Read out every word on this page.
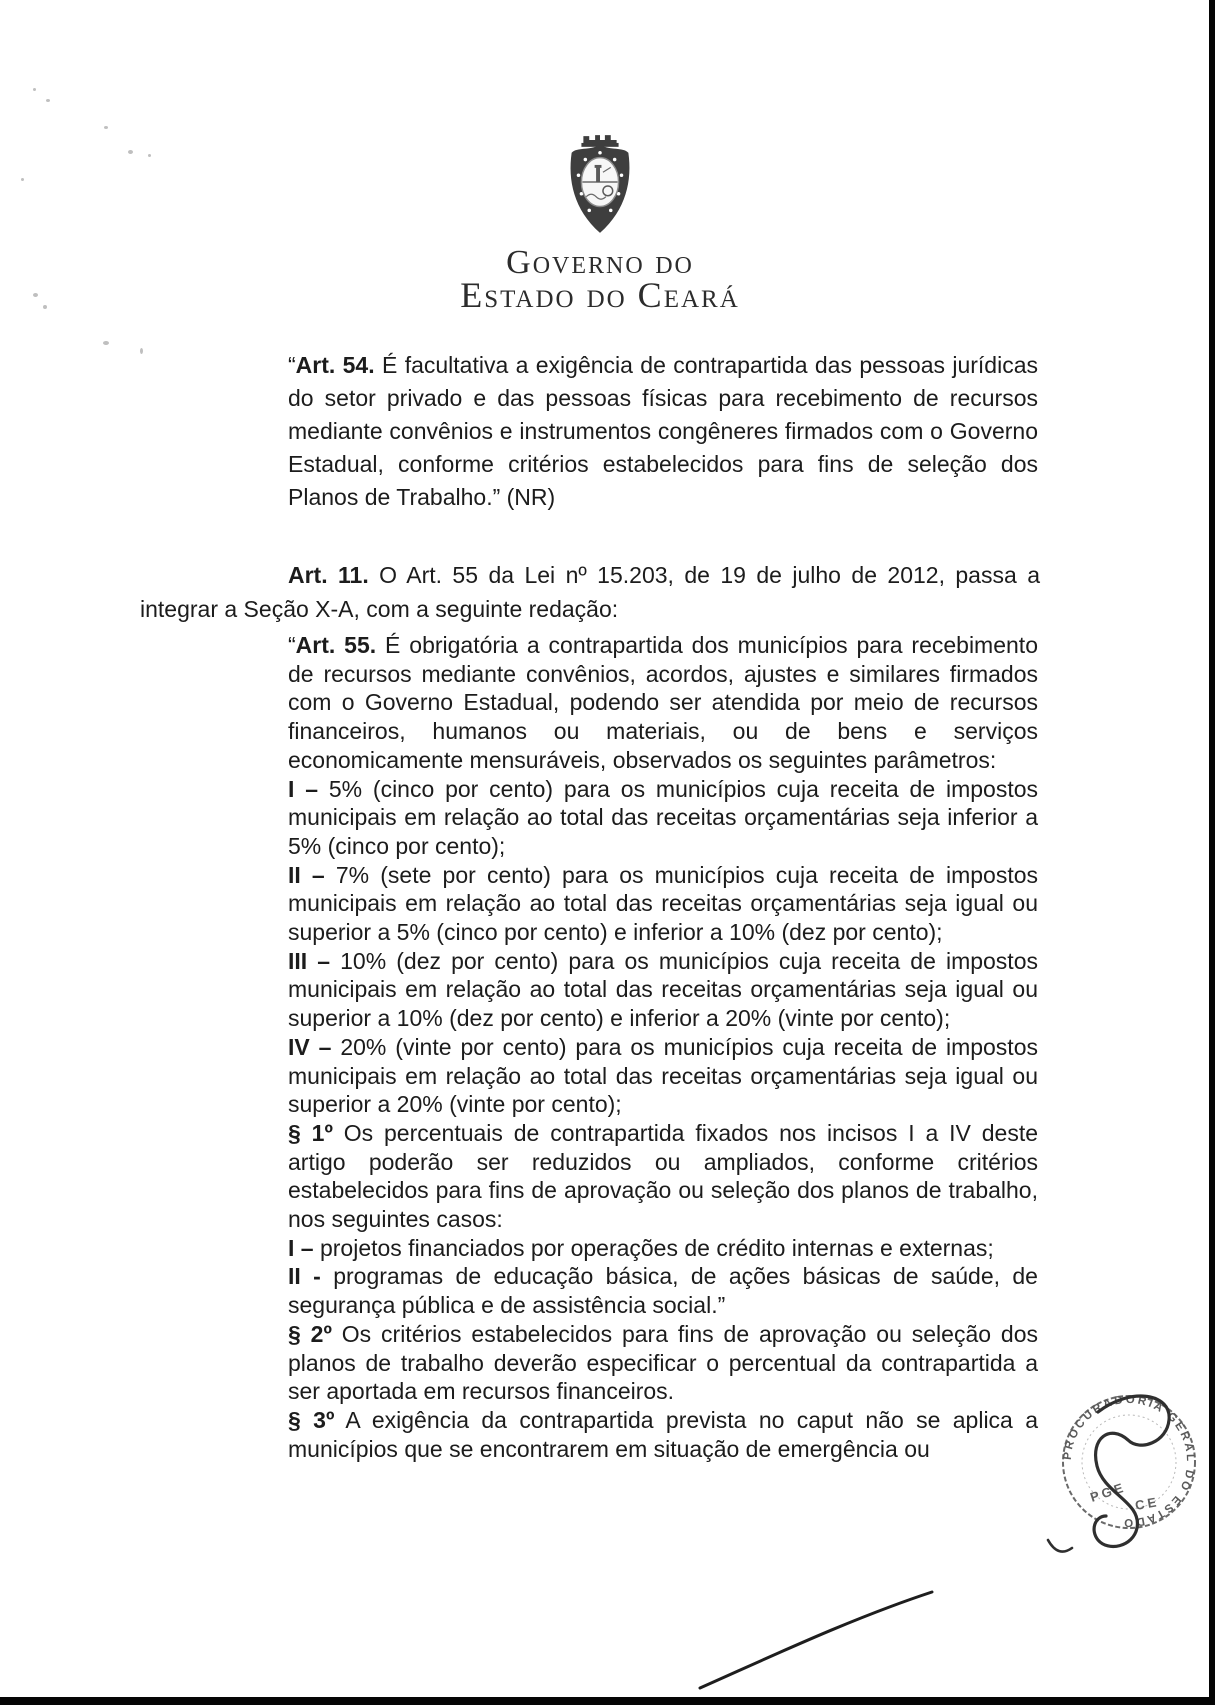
Governo do
Estado do Ceará
“Art. 54. É facultativa a exigência de contrapartida das pessoas jurídicas do setor privado e das pessoas físicas para recebimento de recursos mediante convênios e instrumentos congêneres firmados com o Governo Estadual, conforme critérios estabelecidos para fins de seleção dos Planos de Trabalho.” (NR)
Art. 11. O Art. 55 da Lei nº 15.203, de 19 de julho de 2012, passa a integrar a Seção X-A, com a seguinte redação:

“Art. 55. É obrigatória a contrapartida dos municípios para recebimento de recursos mediante convênios, acordos, ajustes e similares firmados com o Governo Estadual, podendo ser atendida por meio de recursos financeiros, humanos ou materiais, ou de bens e serviços economicamente mensuráveis, observados os seguintes parâmetros:

I – 5% (cinco por cento) para os municípios cuja receita de impostos municipais em relação ao total das receitas orçamentárias seja inferior a 5% (cinco por cento);

II – 7% (sete por cento) para os municípios cuja receita de impostos municipais em relação ao total das receitas orçamentárias seja igual ou superior a 5% (cinco por cento) e inferior a 10% (dez por cento);

III – 10% (dez por cento) para os municípios cuja receita de impostos municipais em relação ao total das receitas orçamentárias seja igual ou superior a 10% (dez por cento) e inferior a 20% (vinte por cento);

IV – 20% (vinte por cento) para os municípios cuja receita de impostos municipais em relação ao total das receitas orçamentárias seja igual ou superior a 20% (vinte por cento);

§ 1º Os percentuais de contrapartida fixados nos incisos I a IV deste artigo poderão ser reduzidos ou ampliados, conforme critérios estabelecidos para fins de aprovação ou seleção dos planos de trabalho, nos seguintes casos:

I – projetos financiados por operações de crédito internas e externas;

II - programas de educação básica, de ações básicas de saúde, de segurança pública e de assistência social.”

§ 2º Os critérios estabelecidos para fins de aprovação ou seleção dos planos de trabalho deverão especificar o percentual da contrapartida a ser aportada em recursos financeiros.

§ 3º A exigência da contrapartida prevista no caput não se aplica a municípios que se encontrarem em situação de emergência ou	PROCURADORIA GERAL DO ESTADO
PGE CE
